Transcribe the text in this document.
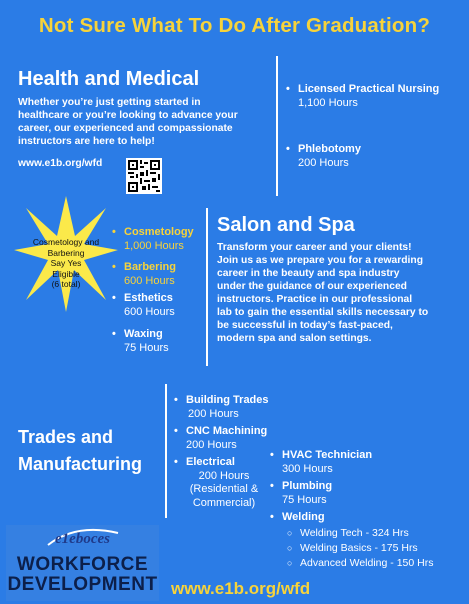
Not Sure What To Do After Graduation?
Health and Medical
Whether you’re just getting started in
healthcare or you’re looking to advance your
career, our experienced and compassionate
instructors are here to help!
www.e1b.org/wfd
• Licensed Practical Nursing
1,100 Hours
• Phlebotomy
200 Hours
Cosmetology and
Barbering
Say Yes
Eligible
(6 total)
• Cosmetology
1,000 Hours
• Barbering
600 Hours
• Esthetics
600 Hours
• Waxing
75 Hours
Salon and Spa
Transform your career and your clients!
Join us as we prepare you for a rewarding
career in the beauty and spa industry
under the guidance of our experienced
instructors. Practice in our professional
lab to gain the essential skills necessary to
be successful in today’s fast-paced,
modern spa and salon settings.
Trades and
Manufacturing
• Building Trades
200 Hours
• CNC Machining
200 Hours
• Electrical
200 Hours
(Residential &
Commercial)
• HVAC Technician
300 Hours
• Plumbing
75 Hours
• Welding
○ Welding Tech - 324 Hrs
○ Welding Basics - 175 Hrs
○ Advanced Welding - 150 Hrs
e1eboces
WORKFORCE
DEVELOPMENT www.e1b.org/wfd
